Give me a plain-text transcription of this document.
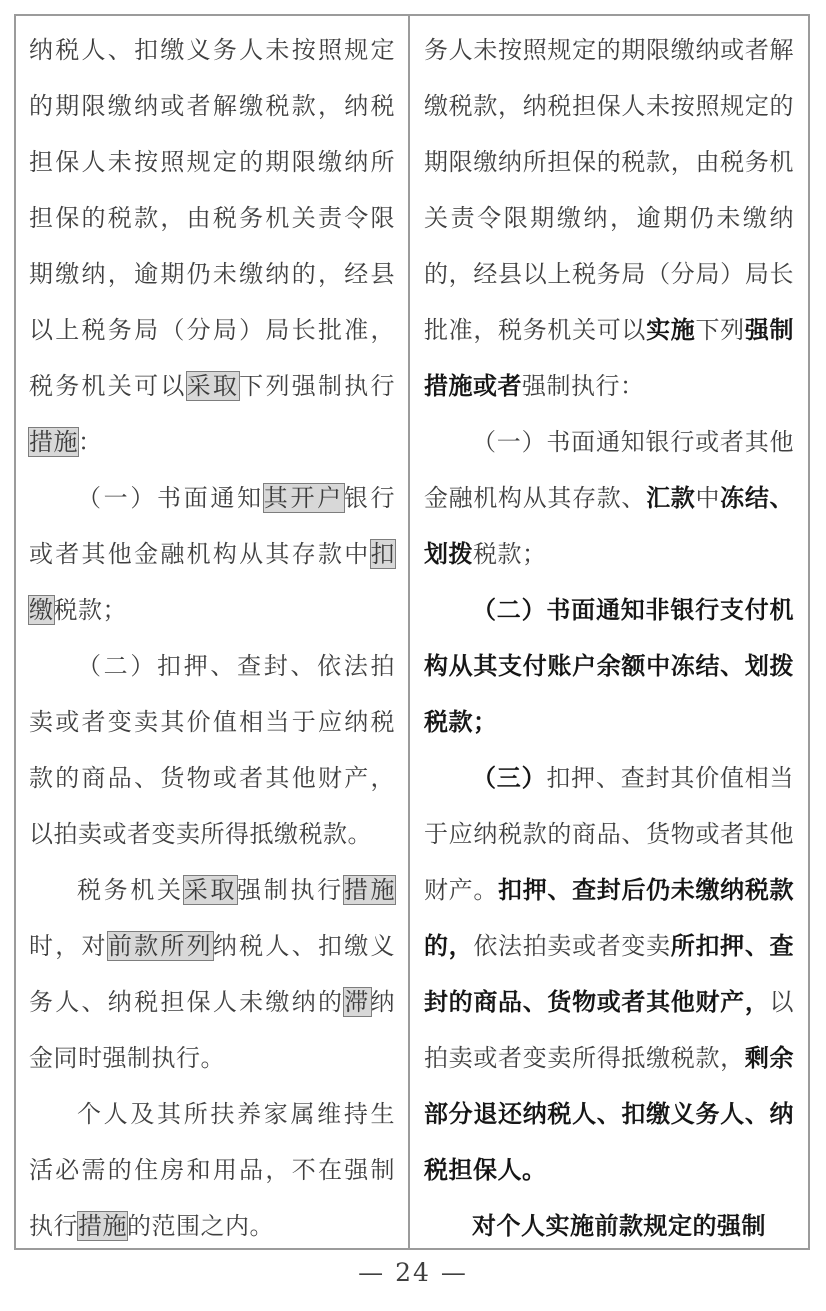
纳税人、扣缴义务人未按照规定的期限缴纳或者解缴税款，纳税担保人未按照规定的期限缴纳所担保的税款，由税务机关责令限期缴纳，逾期仍未缴纳的，经县以上税务局（分局）局长批准，税务机关可以采取下列强制执行措施：

（一）书面通知其开户银行或者其他金融机构从其存款中扣缴税款；

（二）扣押、查封、依法拍卖或者变卖其价值相当于应纳税款的商品、货物或者其他财产，以拍卖或者变卖所得抵缴税款。

税务机关采取强制执行措施时，对前款所列纳税人、扣缴义务人、纳税担保人未缴纳的滞纳金同时强制执行。

个人及其所扶养家属维持生活必需的住房和用品，不在强制执行措施的范围之内。

务人未按照规定的期限缴纳或者解缴税款，纳税担保人未按照规定的期限缴纳所担保的税款，由税务机关责令限期缴纳，逾期仍未缴纳的，经县以上税务局（分局）局长批准，税务机关可以实施下列强制措施或者强制执行：

（一）书面通知银行或者其他金融机构从其存款、汇款中冻结、划拨税款；

（二）书面通知非银行支付机构从其支付账户余额中冻结、划拨税款；

（三）扣押、查封其价值相当于应纳税款的商品、货物或者其他财产。扣押、查封后仍未缴纳税款的，依法拍卖或者变卖所扣押、查封的商品、货物或者其他财产，以拍卖或者变卖所得抵缴税款，剩余部分退还纳税人、扣缴义务人、纳税担保人。

对个人实施前款规定的强制

— 24 —
